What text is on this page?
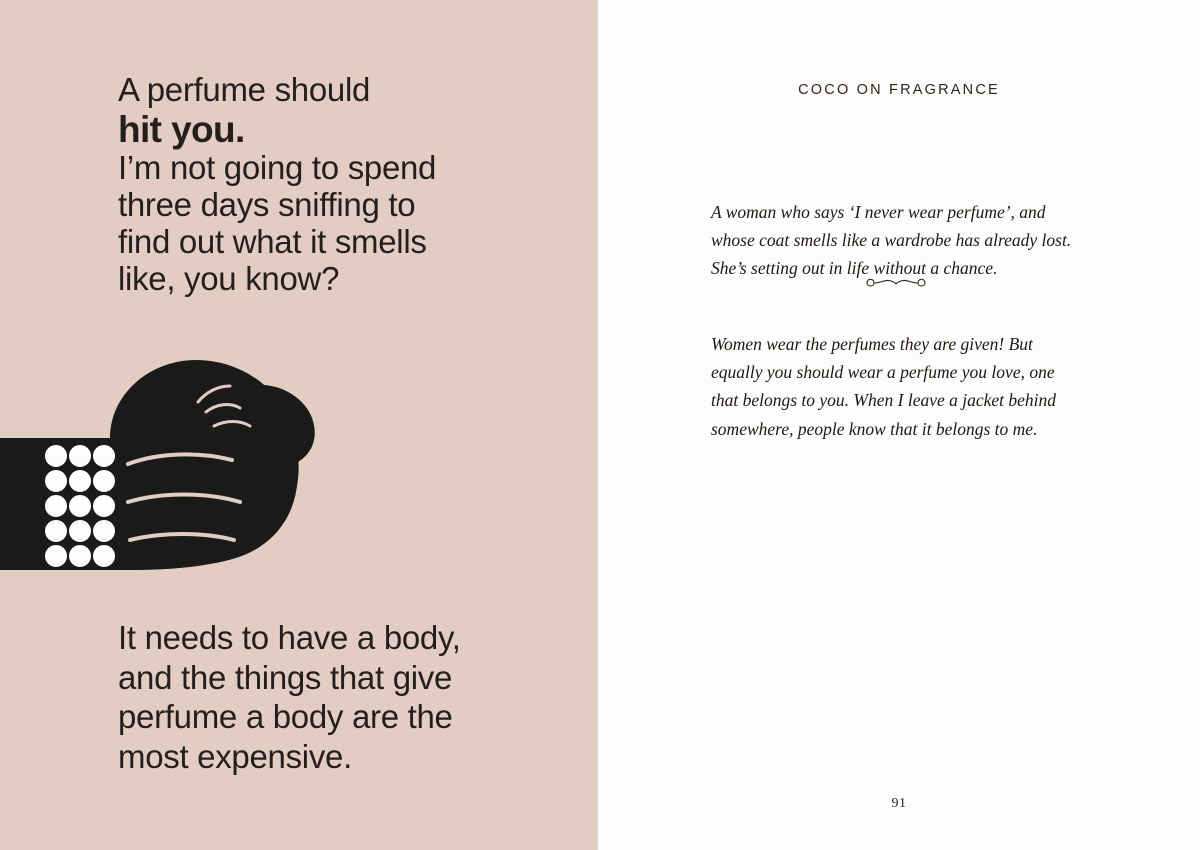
A perfume should
hit you.
I’m not going to spend
three days sniffing to
find out what it smells
like, you know?
It needs to have a body,
and the things that give
perfume a body are the
most expensive.
COCO ON FRAGRANCE

A woman who says ‘I never wear perfume’, and whose coat smells like a wardrobe has already lost. She’s setting out in life without a chance.

Women wear the perfumes they are given! But equally you should wear a perfume you love, one that belongs to you. When I leave a jacket behind somewhere, people know that it belongs to me.

91
